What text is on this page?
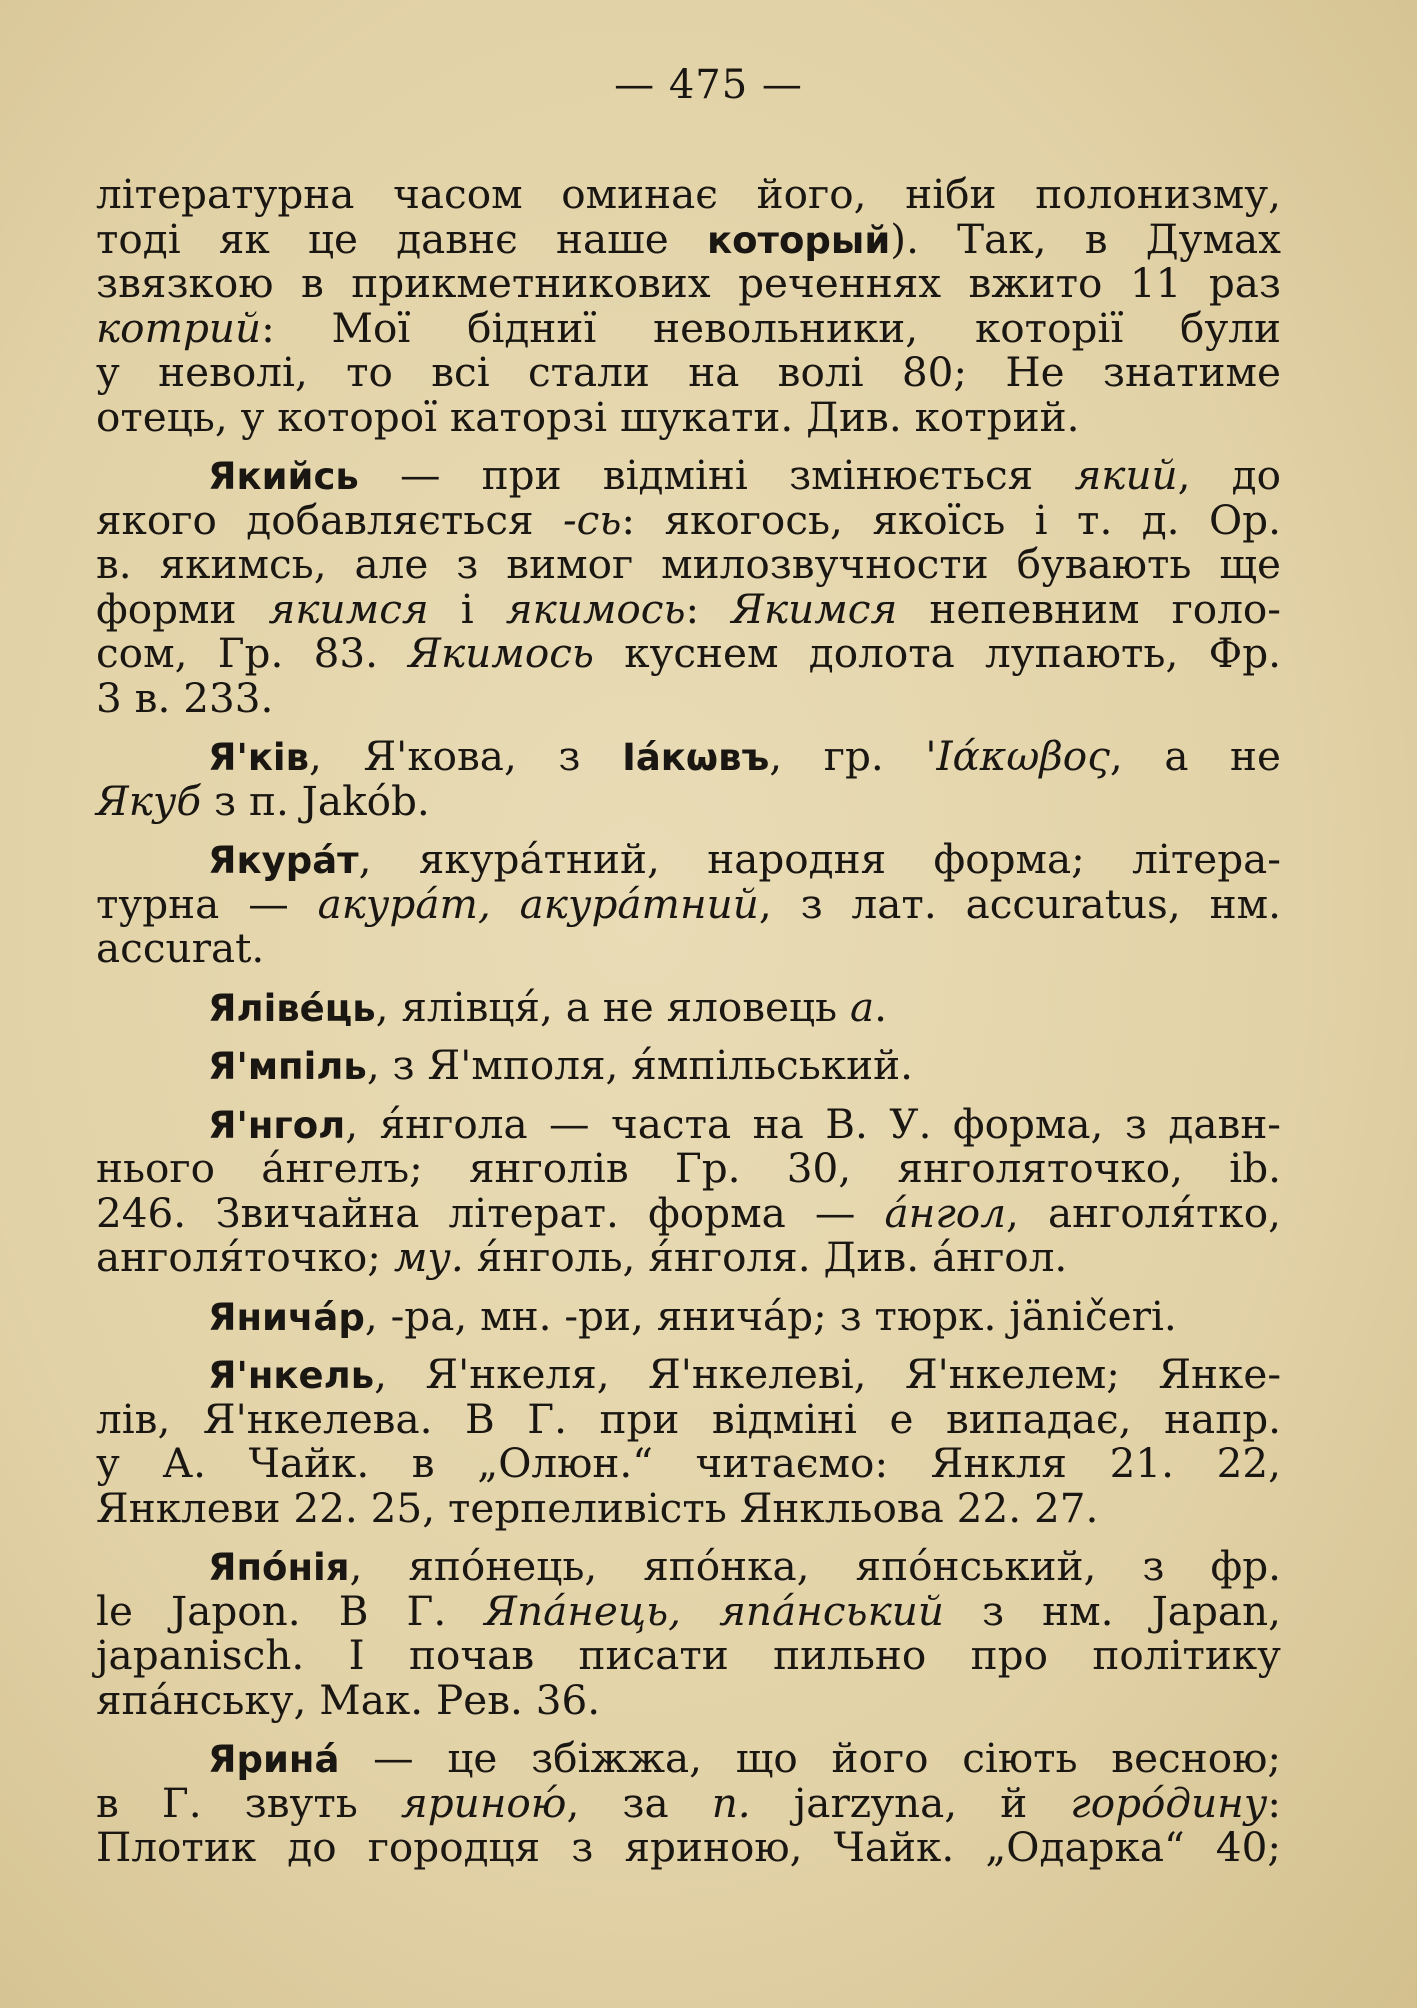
— 475 —
літературна часом оминає його, ніби полонизму,
тоді як це давнє наше который). Так, в Думах
звязкою в прикметникових реченнях вжито 11 раз
котрий: Мої бідниї невольники, которії були
у неволі, то всі стали на волі 80; Не знатиме
отець, у которої каторзі шукати. Див. котрий.
Якийсь — при відміні змінюється який, до
якого добавляється -сь: якогось, якоїсь і т. д. Ор.
в. якимсь, але з вимог милозвучности бувають ще
форми якимся і якимось: Якимся непевним голо-
сом, Гр. 83. Якимось куснем долота лупають, Фр.
3 в. 233.
Я'ків, Я'кова, з Іáкѡвъ, гр. 'Ιάκωβος, а не
Якуб з п. Jakób.
Якурáт, якурáтний, народня форма; літера-
турна — акурáт, акурáтний, з лат. accuratus, нм.
accurat.
Ялівéць, ялівця́, а не яловець а.
Я'мпіль, з Я'мполя, я́мпільський.
Я'нгол, я́нгола — часта на В. У. форма, з давн-
нього а́нгелъ; янголів Гр. 30, янголяточко, ib.
246. Звичайна літерат. форма — а́нгол, анголя́тко,
анголя́точко; му. я́нголь, я́нголя. Див. а́нгол.
Яничáр, -ра, мн. -ри, яничáр; з тюрк. jäničeri.
Я'нкель, Я'нкеля, Я'нкелеві, Я'нкелем; Янке-
лів, Я'нкелева. В Г. при відміні е випадає, напр.
у А. Чайк. в „Олюн.“ читаємо: Янкля 21. 22,
Янклеви 22. 25, терпеливість Янкльова 22. 27.
Япóнія, япóнець, япóнка, япóнський, з фр.
le Japon. В Г. Япáнець, япáнський з нм. Japan,
japanisch. І почав писати пильно про політику
япáнську, Мак. Рев. 36.
Ярина́ — це збіжжа, що його сіють весною;
в Г. звуть яриною́, за п. jarzyna, й горóдину:
Плотик до городця з яриною, Чайк. „Одарка“ 40;
